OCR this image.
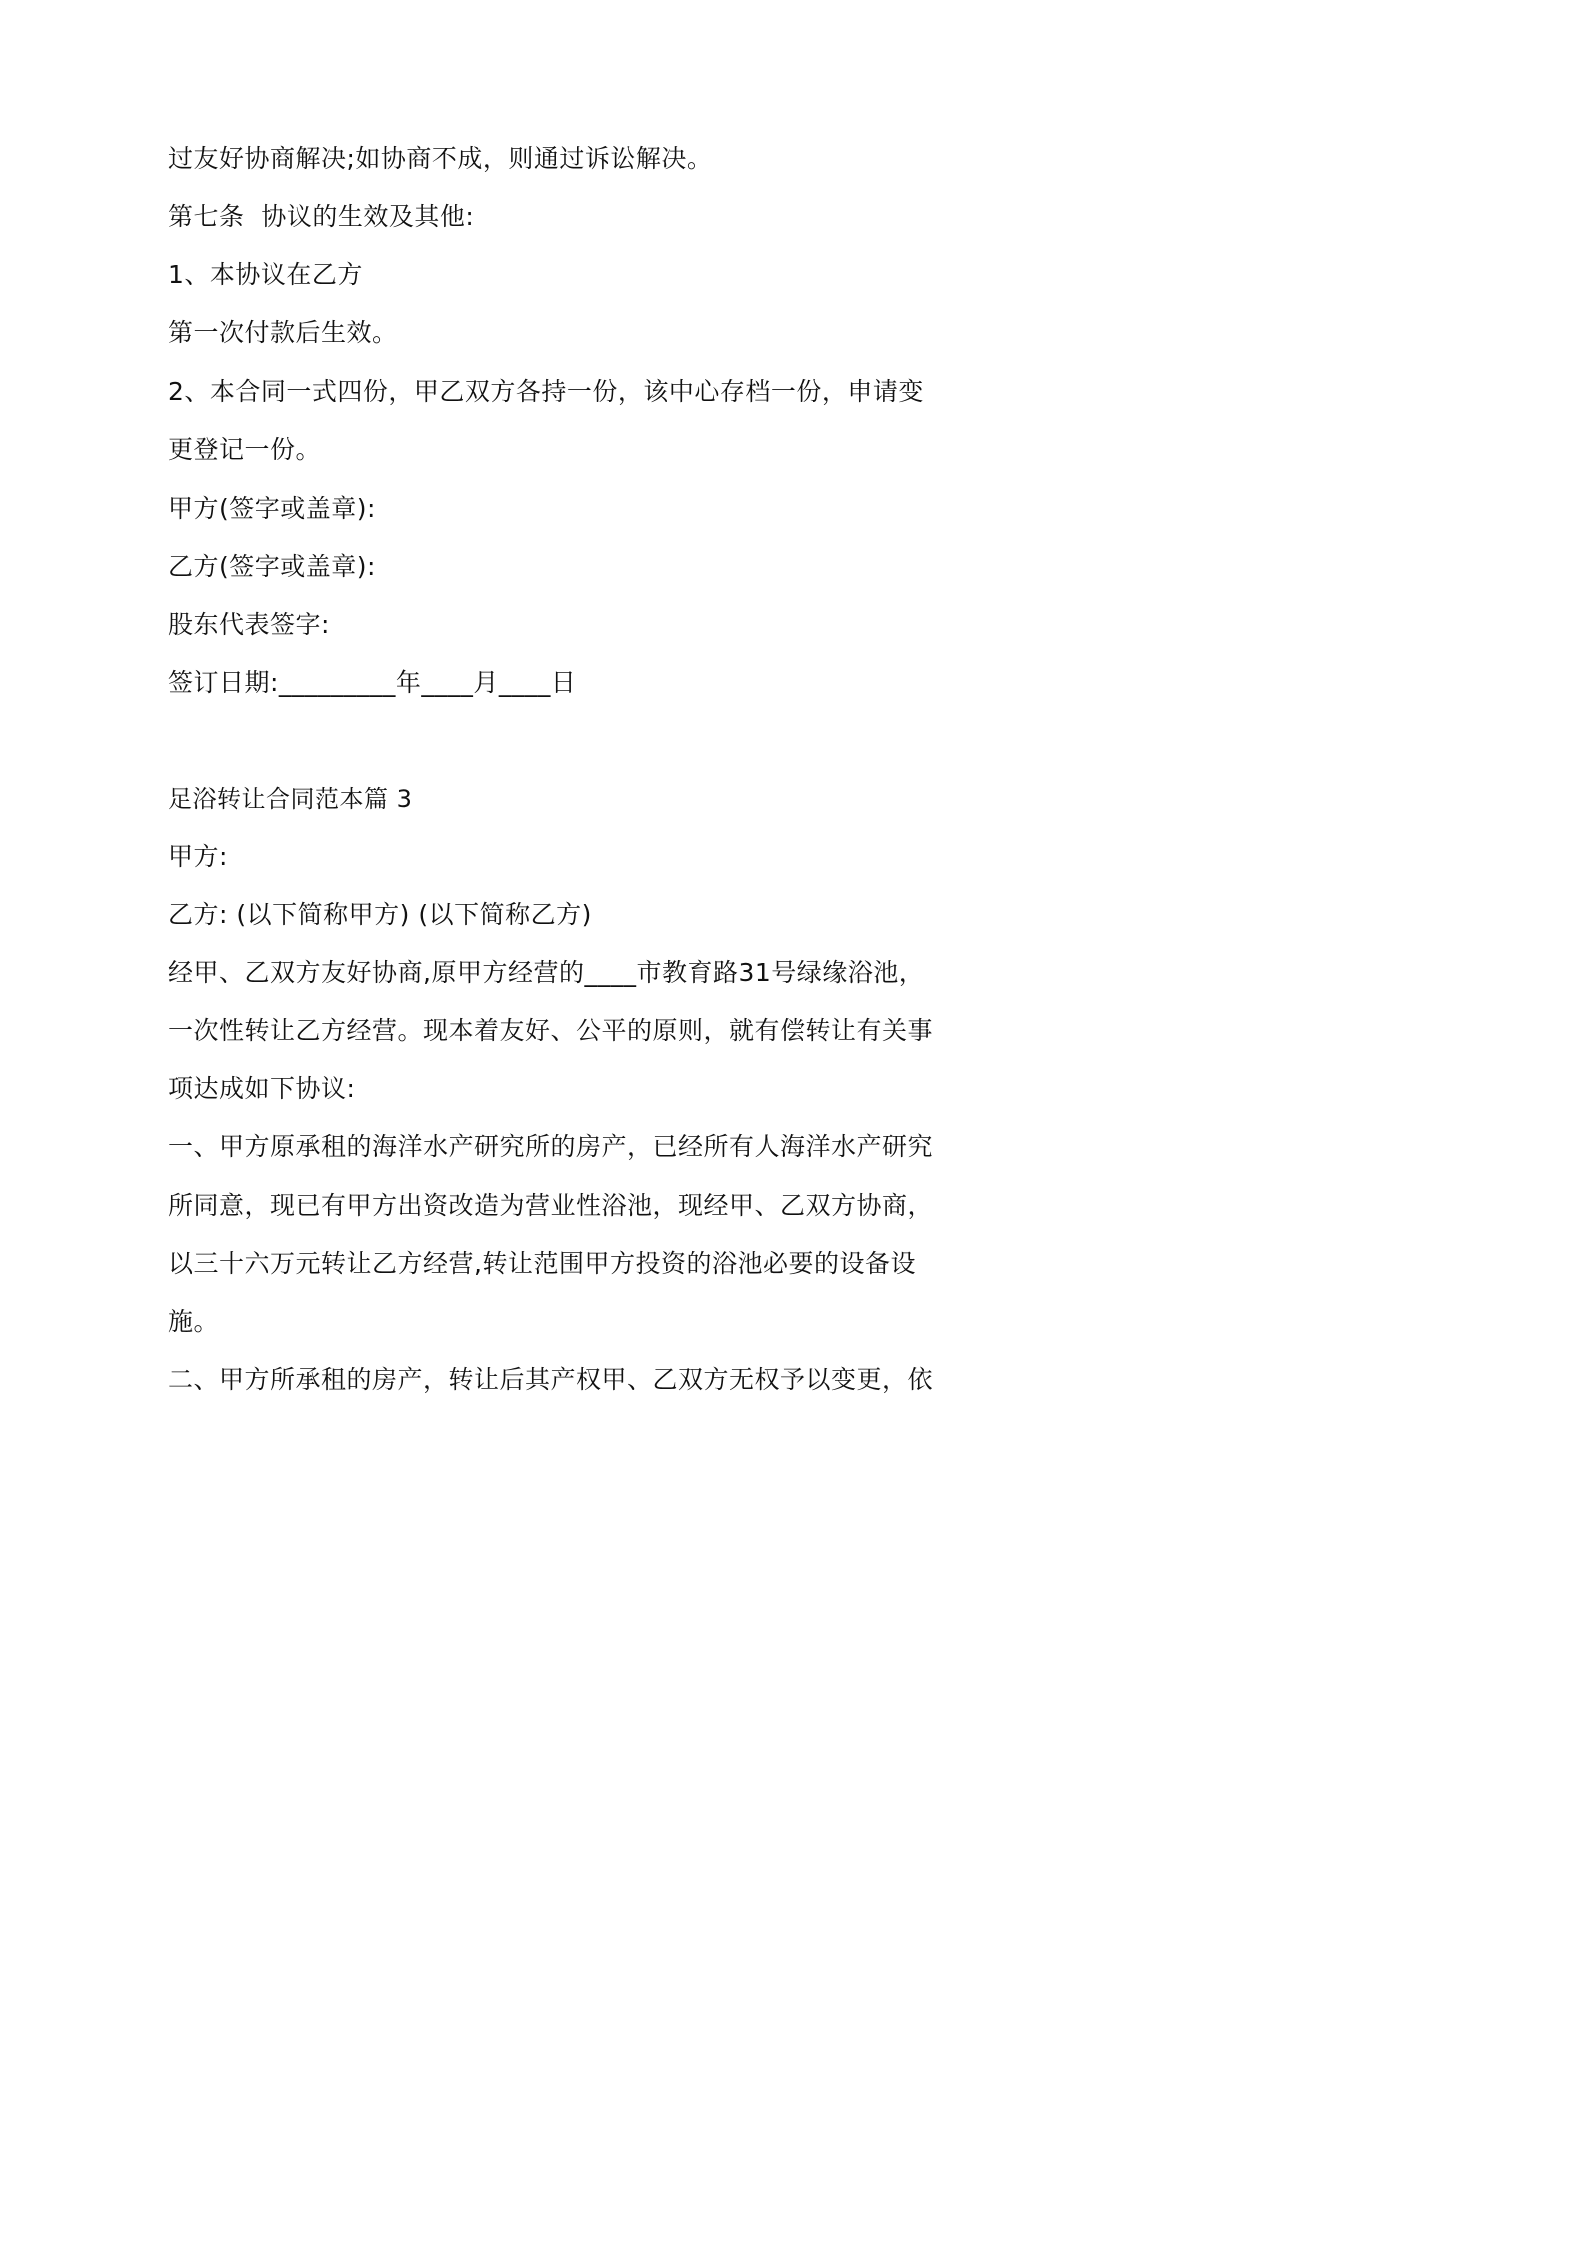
过友好协商解决;如协商不成，则通过诉讼解决。
第七条  协议的生效及其他:
1、本协议在乙方
第一次付款后生效。
2、本合同一式四份，甲乙双方各持一份，该中心存档一份，申请变
更登记一份。
甲方(签字或盖章):
乙方(签字或盖章):
股东代表签字:
签订日期:_________年____月____日
足浴转让合同范本篇 3
甲方:
乙方: (以下简称甲方) (以下简称乙方)
经甲、乙双方友好协商,原甲方经营的____市教育路31号绿缘浴池，
一次性转让乙方经营。现本着友好、公平的原则，就有偿转让有关事
项达成如下协议:
一、甲方原承租的海洋水产研究所的房产，已经所有人海洋水产研究
所同意，现已有甲方出资改造为营业性浴池，现经甲、乙双方协商，
以三十六万元转让乙方经营,转让范围甲方投资的浴池必要的设备设
施。
二、甲方所承租的房产，转让后其产权甲、乙双方无权予以变更，依
